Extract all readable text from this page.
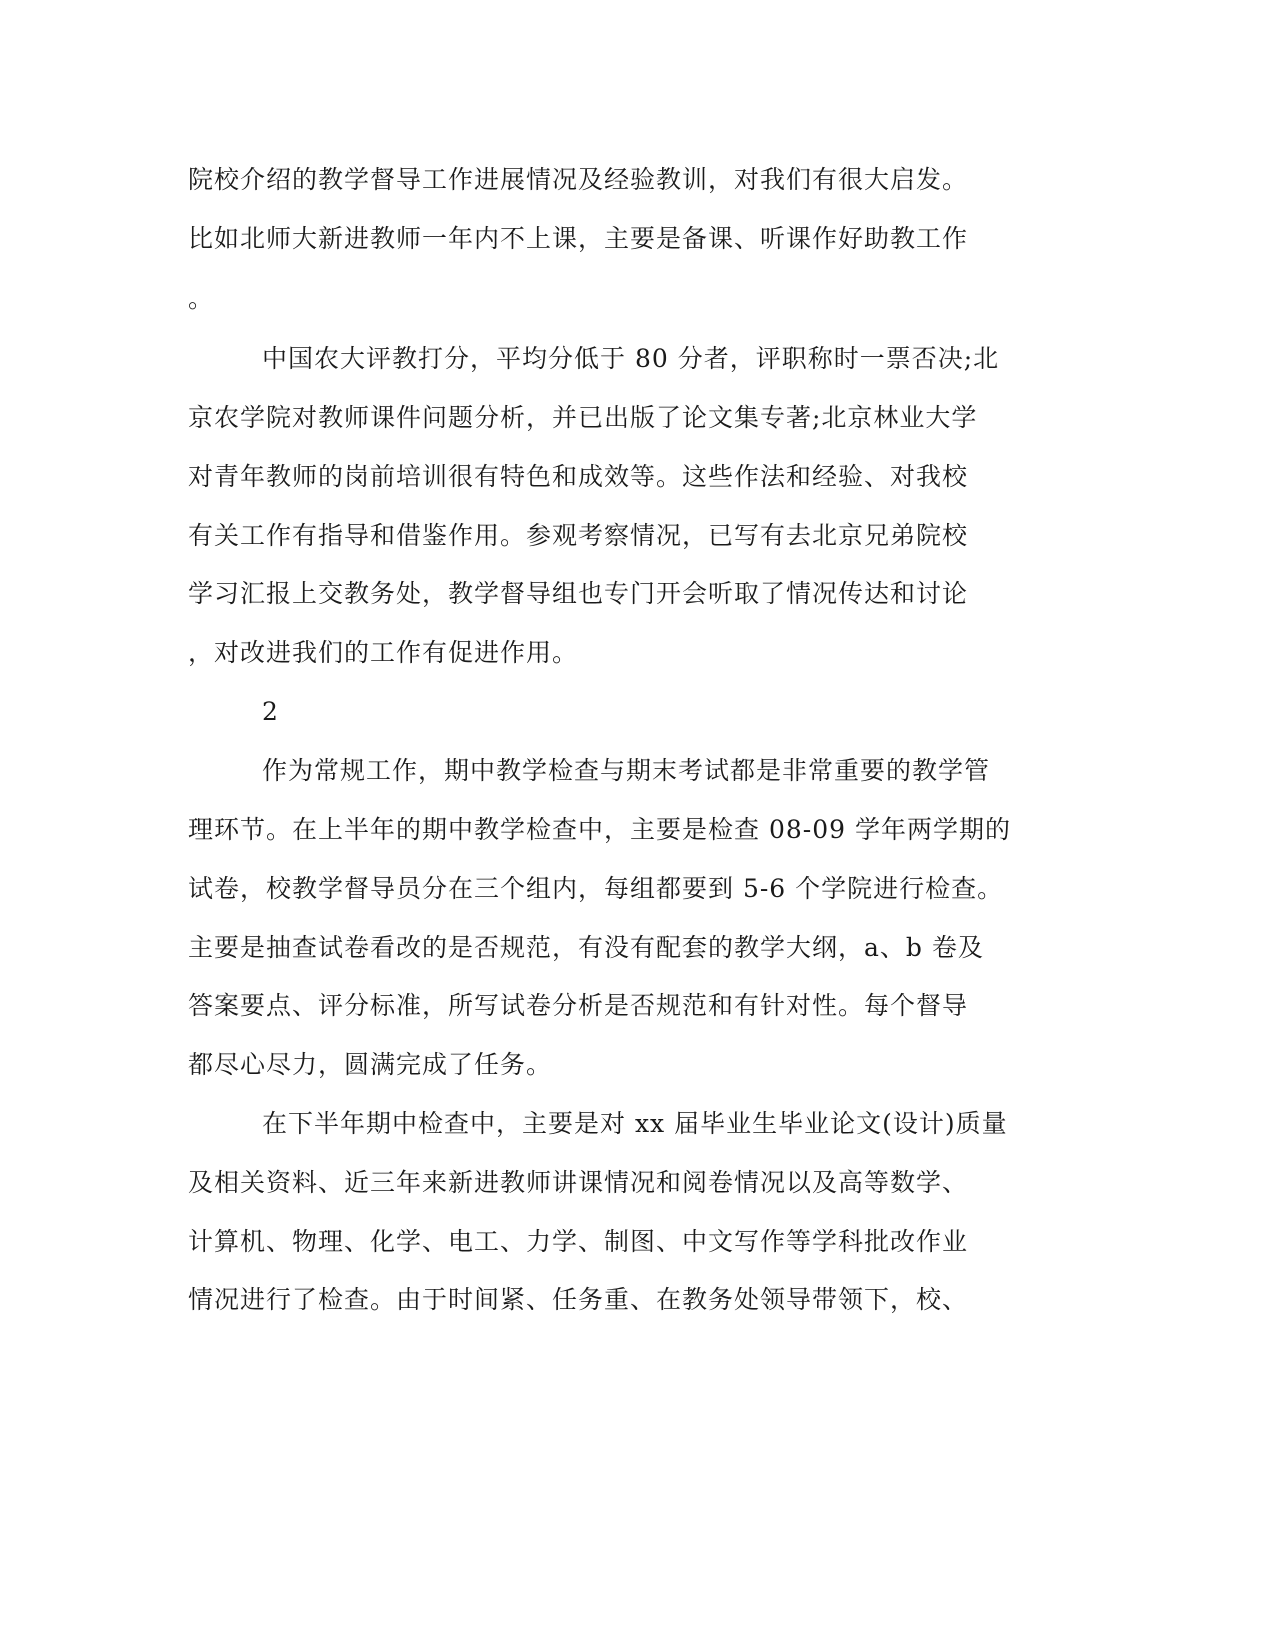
院校介绍的教学督导工作进展情况及经验教训，对我们有很大启发。
比如北师大新进教师一年内不上课，主要是备课、听课作好助教工作
。
中国农大评教打分，平均分低于 80 分者，评职称时一票否决;北
京农学院对教师课件问题分析，并已出版了论文集专著;北京林业大学
对青年教师的岗前培训很有特色和成效等。这些作法和经验、对我校
有关工作有指导和借鉴作用。参观考察情况，已写有去北京兄弟院校
学习汇报上交教务处，教学督导组也专门开会听取了情况传达和讨论
，对改进我们的工作有促进作用。
2
作为常规工作，期中教学检查与期末考试都是非常重要的教学管
理环节。在上半年的期中教学检查中，主要是检查 08-09 学年两学期的
试卷，校教学督导员分在三个组内，每组都要到 5-6 个学院进行检查。
主要是抽查试卷看改的是否规范，有没有配套的教学大纲，a、b 卷及
答案要点、评分标准，所写试卷分析是否规范和有针对性。每个督导
都尽心尽力，圆满完成了任务。
在下半年期中检查中，主要是对 xx 届毕业生毕业论文(设计)质量
及相关资料、近三年来新进教师讲课情况和阅卷情况以及高等数学、
计算机、物理、化学、电工、力学、制图、中文写作等学科批改作业
情况进行了检查。由于时间紧、任务重、在教务处领导带领下，校、
